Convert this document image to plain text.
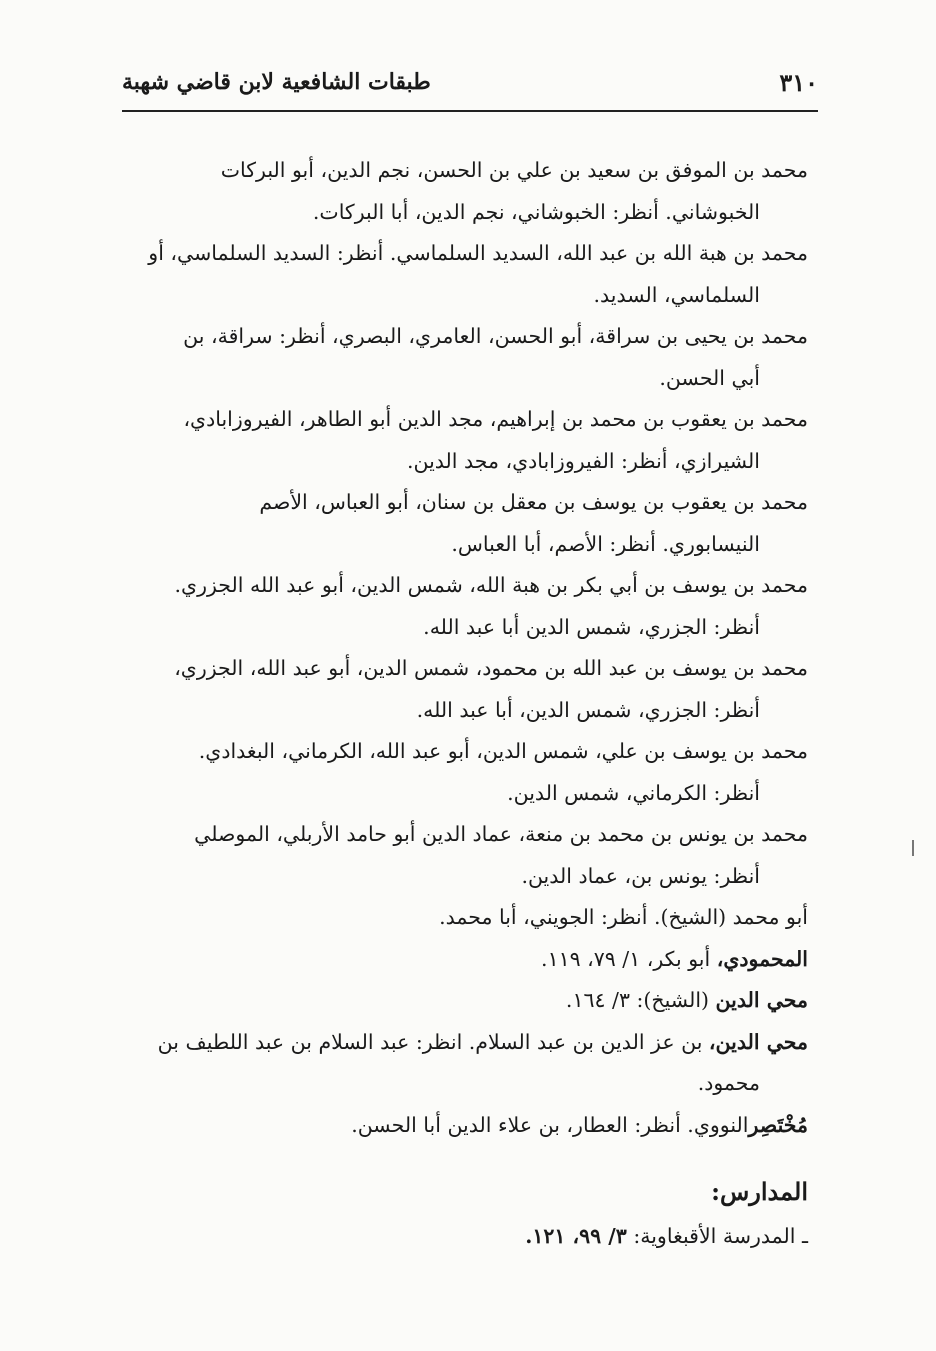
٣١٠
طبقات الشافعية لابن قاضي شهبة

محمد بن الموفق بن سعيد بن علي بن الحسن، نجم الدين، أبو البركات
الخبوشاني. أنظر: الخبوشاني، نجم الدين، أبا البركات.

محمد بن هبة الله بن عبد الله، السديد السلماسي. أنظر: السديد السلماسي، أو
السلماسي، السديد.

محمد بن يحيى بن سراقة، أبو الحسن، العامري، البصري، أنظر: سراقة، بن
أبي الحسن.

محمد بن يعقوب بن محمد بن إبراهيم، مجد الدين أبو الطاهر، الفيروزابادي،
الشيرازي، أنظر: الفيروزابادي، مجد الدين.

محمد بن يعقوب بن يوسف بن معقل بن سنان، أبو العباس، الأصم
النيسابوري. أنظر: الأصم، أبا العباس.

محمد بن يوسف بن أبي بكر بن هبة الله، شمس الدين، أبو عبد الله الجزري.
أنظر: الجزري، شمس الدين أبا عبد الله.

محمد بن يوسف بن عبد الله بن محمود، شمس الدين، أبو عبد الله، الجزري،
أنظر: الجزري، شمس الدين، أبا عبد الله.

محمد بن يوسف بن علي، شمس الدين، أبو عبد الله، الكرماني، البغدادي.
أنظر: الكرماني، شمس الدين.

محمد بن يونس بن محمد بن منعة، عماد الدين أبو حامد الأربلي، الموصلي
أنظر: يونس بن، عماد الدين.

أبو محمد (الشيخ). أنظر: الجويني، أبا محمد.

المحمودي، أبو بكر، ١/ ٧٩، ١١٩.

محي الدين (الشيخ): ٣/ ١٦٤.

محي الدين، بن عز الدين بن عبد السلام. انظر: عبد السلام بن عبد اللطيف بن
محمود.

مُخْتَصِرالنووي. أنظر: العطار، بن علاء الدين أبا الحسن.

المدارس:

ـ المدرسة الأقبغاوية: ٣/ ٩٩، ١٢١.
